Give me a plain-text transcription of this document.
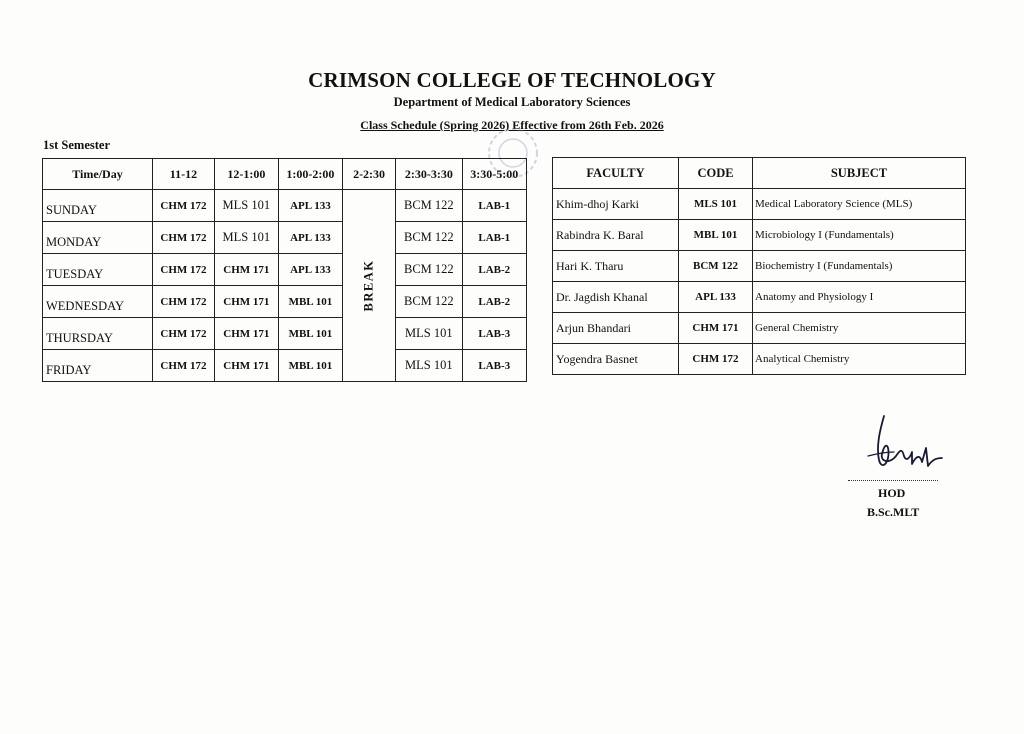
CRIMSON COLLEGE OF TECHNOLOGY
Department of Medical Laboratory Sciences
Class Schedule (Spring 2026) Effective from 26th Feb. 2026
1st Semester
Time/Day	11-12	12-1:00	1:00-2:00	2-2:30	2:30-3:30	3:30-5:00
SUNDAY	CHM 172	MLS 101	APL 133	BREAK	BCM 122	LAB-1
MONDAY	CHM 172	MLS 101	APL 133		BCM 122	LAB-1
TUESDAY	CHM 172	CHM 171	APL 133		BCM 122	LAB-2
WEDNESDAY	CHM 172	CHM 171	MBL 101		BCM 122	LAB-2
THURSDAY	CHM 172	CHM 171	MBL 101		MLS 101	LAB-3
FRIDAY	CHM 172	CHM 171	MBL 101		MLS 101	LAB-3
FACULTY	CODE	SUBJECT
Khim-dhoj Karki	MLS 101	Medical Laboratory Science (MLS)
Rabindra K. Baral	MBL 101	Microbiology I (Fundamentals)
Hari K. Tharu	BCM 122	Biochemistry I (Fundamentals)
Dr. Jagdish Khanal	APL 133	Anatomy and Physiology I
Arjun Bhandari	CHM 171	General Chemistry
Yogendra Basnet	CHM 172	Analytical Chemistry
HOD
B.Sc.MLT
